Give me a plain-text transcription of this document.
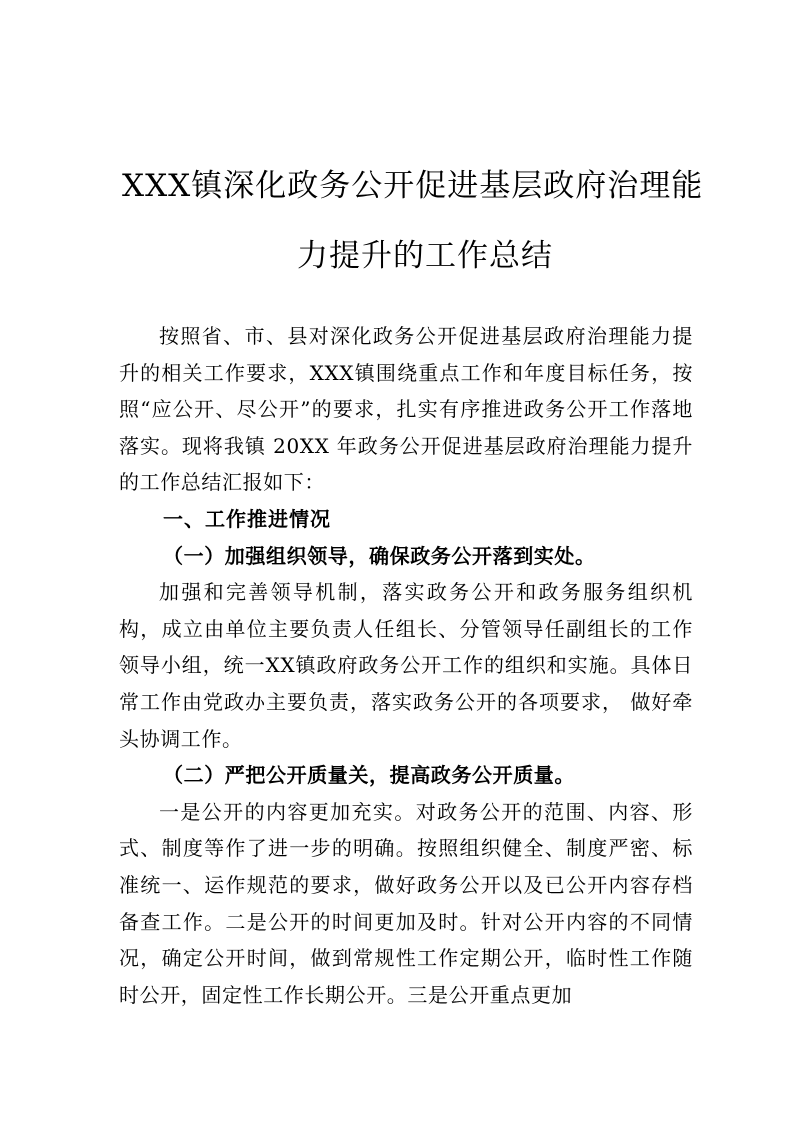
XXX镇深化政务公开促进基层政府治理能
力提升的工作总结

按照省、市、县对深化政务公开促进基层政府治理能力提升的相关工作要求，XXX镇围绕重点工作和年度目标任务，按照“应公开、尽公开”的要求，扎实有序推进政务公开工作落地落实。现将我镇 20XX 年政务公开促进基层政府治理能力提升的工作总结汇报如下：

一、工作推进情况

（一）加强组织领导，确保政务公开落到实处。

加强和完善领导机制，落实政务公开和政务服务组织机构，成立由单位主要负责人任组长、分管领导任副组长的工作领导小组，统一XX镇政府政务公开工作的组织和实施。具体日常工作由党政办主要负责，落实政务公开的各项要求， 做好牵头协调工作。

（二）严把公开质量关，提高政务公开质量。

一是公开的内容更加充实。对政务公开的范围、内容、形式、制度等作了进一步的明确。按照组织健全、制度严密、标准统一、运作规范的要求，做好政务公开以及已公开内容存档备查工作。二是公开的时间更加及时。针对公开内容的不同情况，确定公开时间，做到常规性工作定期公开，临时性工作随时公开，固定性工作长期公开。三是公开重点更加
